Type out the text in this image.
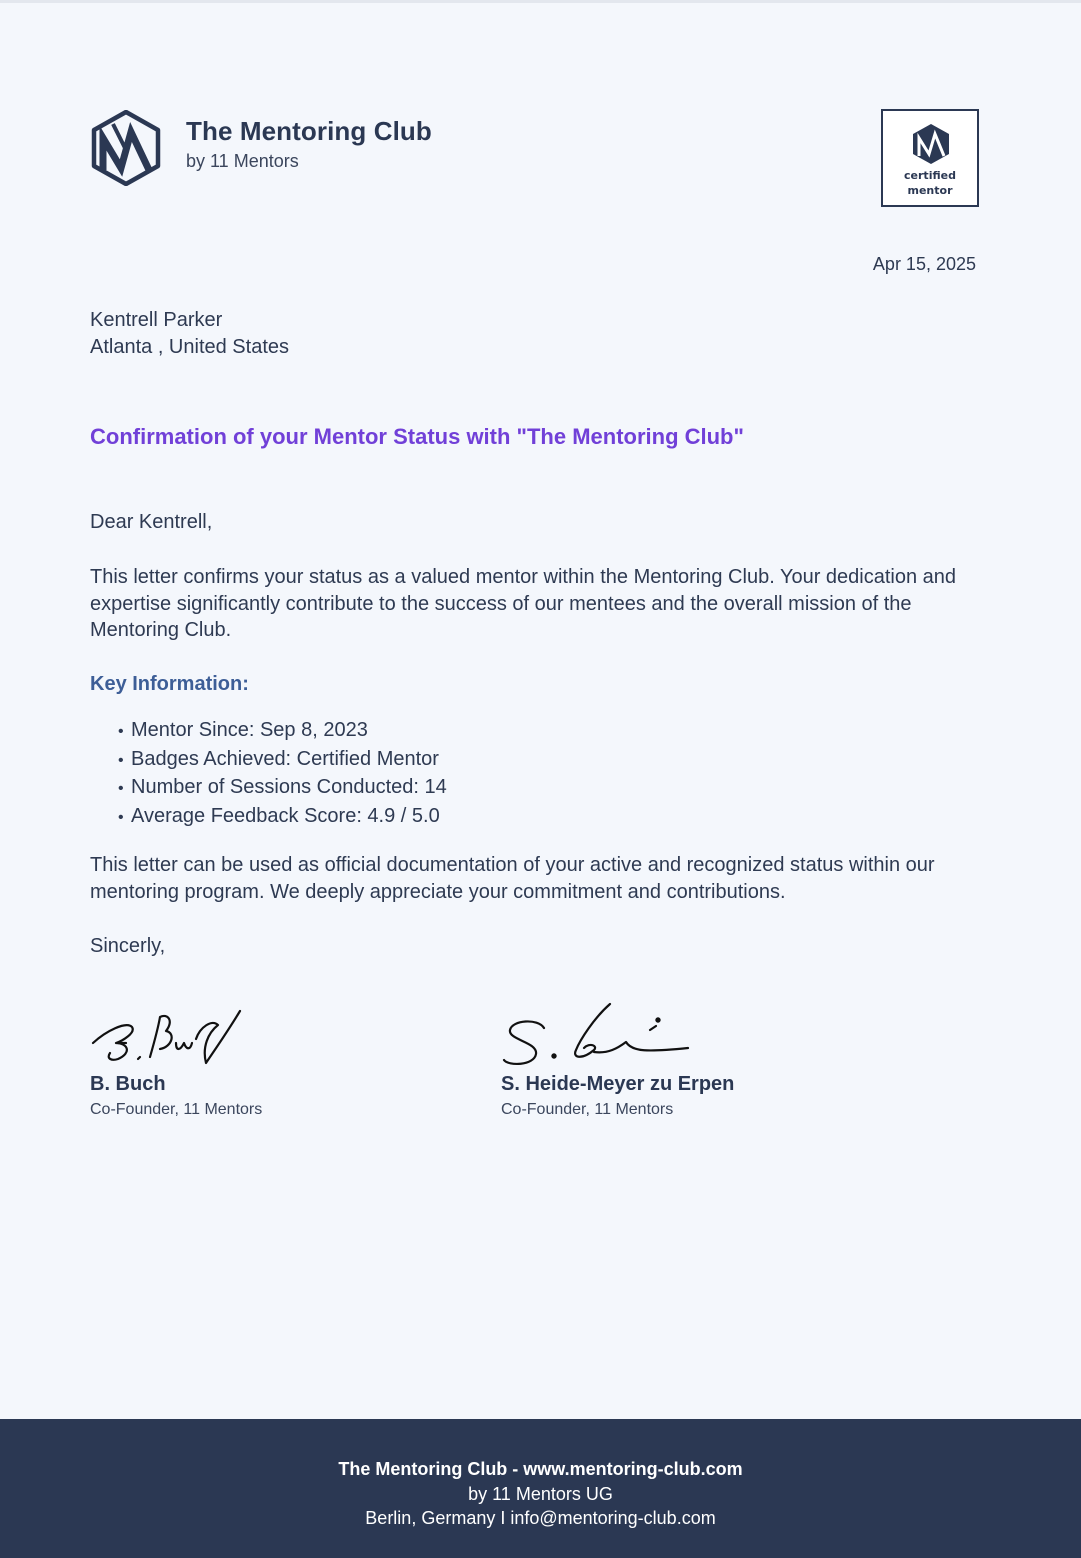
The Mentoring Club
by 11 Mentors
certified
mentor
Apr 15, 2025
Kentrell Parker
Atlanta , United States
Confirmation of your Mentor Status with "The Mentoring Club"
Dear Kentrell,
This letter confirms your status as a valued mentor within the Mentoring Club. Your dedication and expertise significantly contribute to the success of our mentees and the overall mission of the Mentoring Club.
Key Information:
• Mentor Since: Sep 8, 2023
• Badges Achieved: Certified Mentor
• Number of Sessions Conducted: 14
• Average Feedback Score: 4.9 / 5.0
This letter can be used as official documentation of your active and recognized status within our mentoring program. We deeply appreciate your commitment and contributions.
Sincerly,
B. Buch
Co-Founder, 11 Mentors
S. Heide-Meyer zu Erpen
Co-Founder, 11 Mentors
The Mentoring Club - www.mentoring-club.com
by 11 Mentors UG
Berlin, Germany I info@mentoring-club.com
